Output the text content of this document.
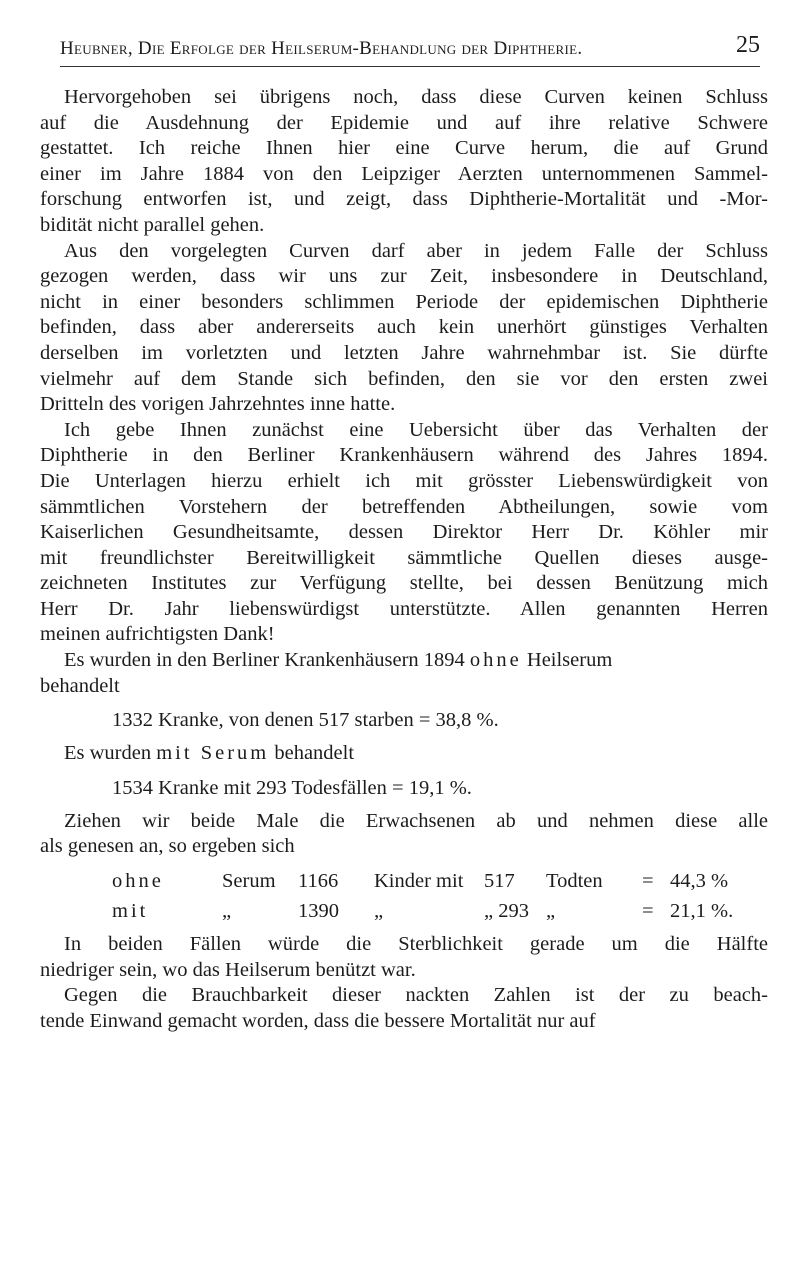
Heubner, Die Erfolge der Heilserum-Behandlung der Diphtherie.	25
Hervorgehoben sei übrigens noch, dass diese Curven keinen Schluss
auf die Ausdehnung der Epidemie und auf ihre relative Schwere
gestattet. Ich reiche Ihnen hier eine Curve herum, die auf Grund
einer im Jahre 1884 von den Leipziger Aerzten unternommenen Sammel-
forschung entworfen ist, und zeigt, dass Diphtherie-Mortalität und -Mor-
bidität nicht parallel gehen.
Aus den vorgelegten Curven darf aber in jedem Falle der Schluss
gezogen werden, dass wir uns zur Zeit, insbesondere in Deutschland,
nicht in einer besonders schlimmen Periode der epidemischen Diphtherie
befinden, dass aber andererseits auch kein unerhört günstiges Verhalten
derselben im vorletzten und letzten Jahre wahrnehmbar ist. Sie dürfte
vielmehr auf dem Stande sich befinden, den sie vor den ersten zwei
Dritteln des vorigen Jahrzehntes inne hatte.
Ich gebe Ihnen zunächst eine Uebersicht über das Verhalten der
Diphtherie in den Berliner Krankenhäusern während des Jahres 1894.
Die Unterlagen hierzu erhielt ich mit grösster Liebenswürdigkeit von
sämmtlichen Vorstehern der betreffenden Abtheilungen, sowie vom
Kaiserlichen Gesundheitsamte, dessen Direktor Herr Dr. Köhler mir
mit freundlichster Bereitwilligkeit sämmtliche Quellen dieses ausge-
zeichneten Institutes zur Verfügung stellte, bei dessen Benützung mich
Herr Dr. Jahr liebenswürdigst unterstützte. Allen genannten Herren
meinen aufrichtigsten Dank!
Es wurden in den Berliner Krankenhäusern 1894 ohne Heilserum
behandelt
1332 Kranke, von denen 517 starben = 38,8 %.
Es wurden mit Serum behandelt
1534 Kranke mit 293 Todesfällen = 19,1 %.
Ziehen wir beide Male die Erwachsenen ab und nehmen diese alle
als genesen an, so ergeben sich
ohne	Serum 1166 Kinder mit 517 Todten = 44,3 %
mit	„	1390 „	„ 293 „	= 21,1 %.
In beiden Fällen würde die Sterblichkeit gerade um die Hälfte
niedriger sein, wo das Heilserum benützt war.
Gegen die Brauchbarkeit dieser nackten Zahlen ist der zu beach-
tende Einwand gemacht worden, dass die bessere Mortalität nur auf
